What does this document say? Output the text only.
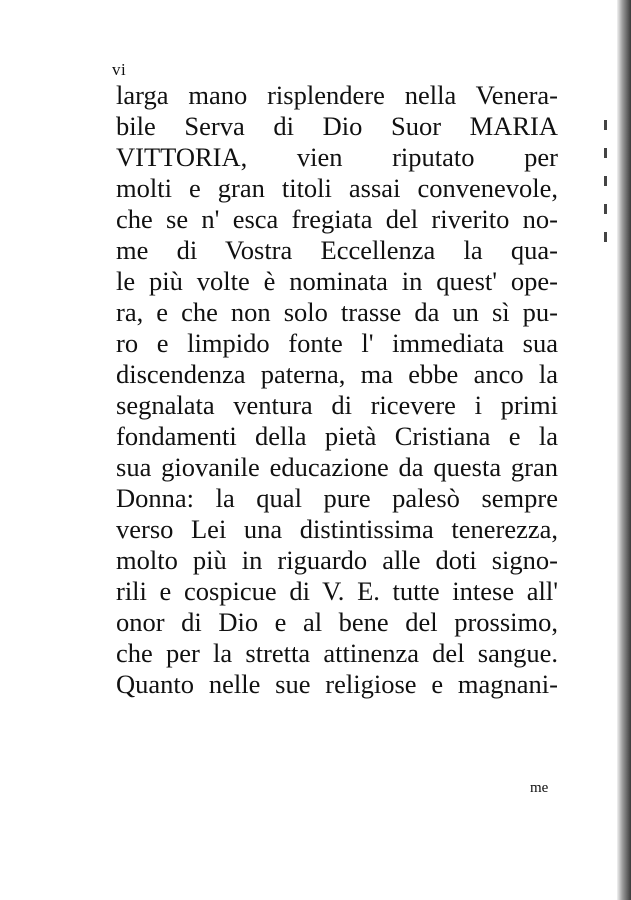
vi
larga mano risplendere nella Venera-
bile Serva di Dio Suor MARIA
VITTORIA, vien riputato per
molti e gran titoli assai convenevole,
che se n' esca fregiata del riverito no-
me di Vostra Eccellenza la qua-
le più volte è nominata in quest' ope-
ra, e che non solo trasse da un sì pu-
ro e limpido fonte l' immediata sua
discendenza paterna, ma ebbe anco la
segnalata ventura di ricevere i primi
fondamenti della pietà Cristiana e la
sua giovanile educazione da questa gran
Donna: la qual pure palesò sempre
verso Lei una distintissima tenerezza,
molto più in riguardo alle doti signo-
rili e cospicue di V. E. tutte intese all'
onor di Dio e al bene del prossimo,
che per la stretta attinenza del sangue.
Quanto nelle sue religiose e magnani-
me
